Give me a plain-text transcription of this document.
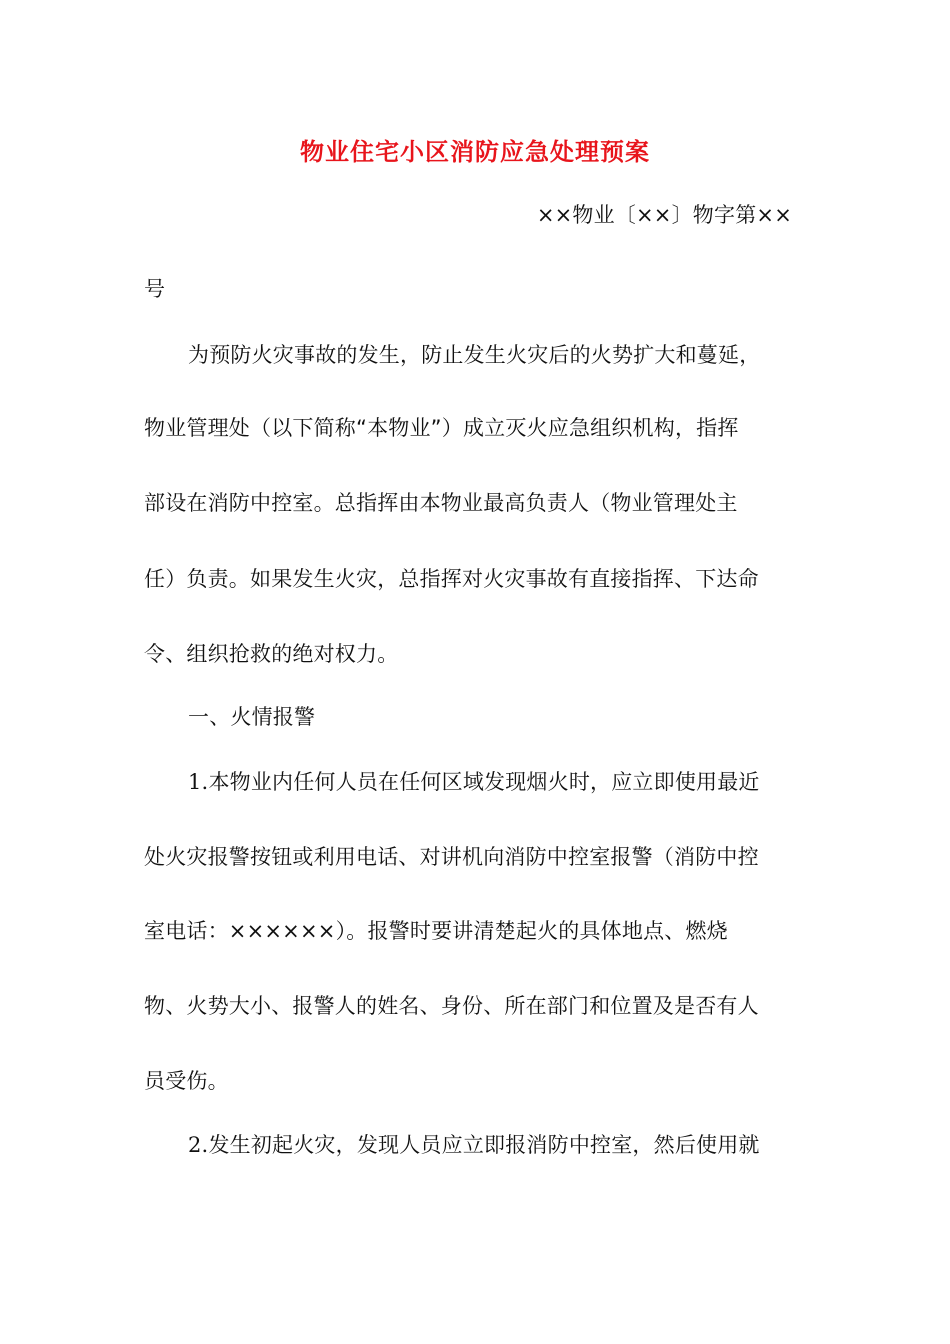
物业住宅小区消防应急处理预案
××物业〔××〕物字第××
号
为预防火灾事故的发生，防止发生火灾后的火势扩大和蔓延，
物业管理处（以下简称“本物业”）成立灭火应急组织机构，指挥
部设在消防中控室。总指挥由本物业最高负责人（物业管理处主
任）负责。如果发生火灾，总指挥对火灾事故有直接指挥、下达命
令、组织抢救的绝对权力。
一、火情报警
1.本物业内任何人员在任何区域发现烟火时，应立即使用最近
处火灾报警按钮或利用电话、对讲机向消防中控室报警（消防中控
室电话：××××××）。报警时要讲清楚起火的具体地点、燃烧
物、火势大小、报警人的姓名、身份、所在部门和位置及是否有人
员受伤。
2.发生初起火灾，发现人员应立即报消防中控室，然后使用就
